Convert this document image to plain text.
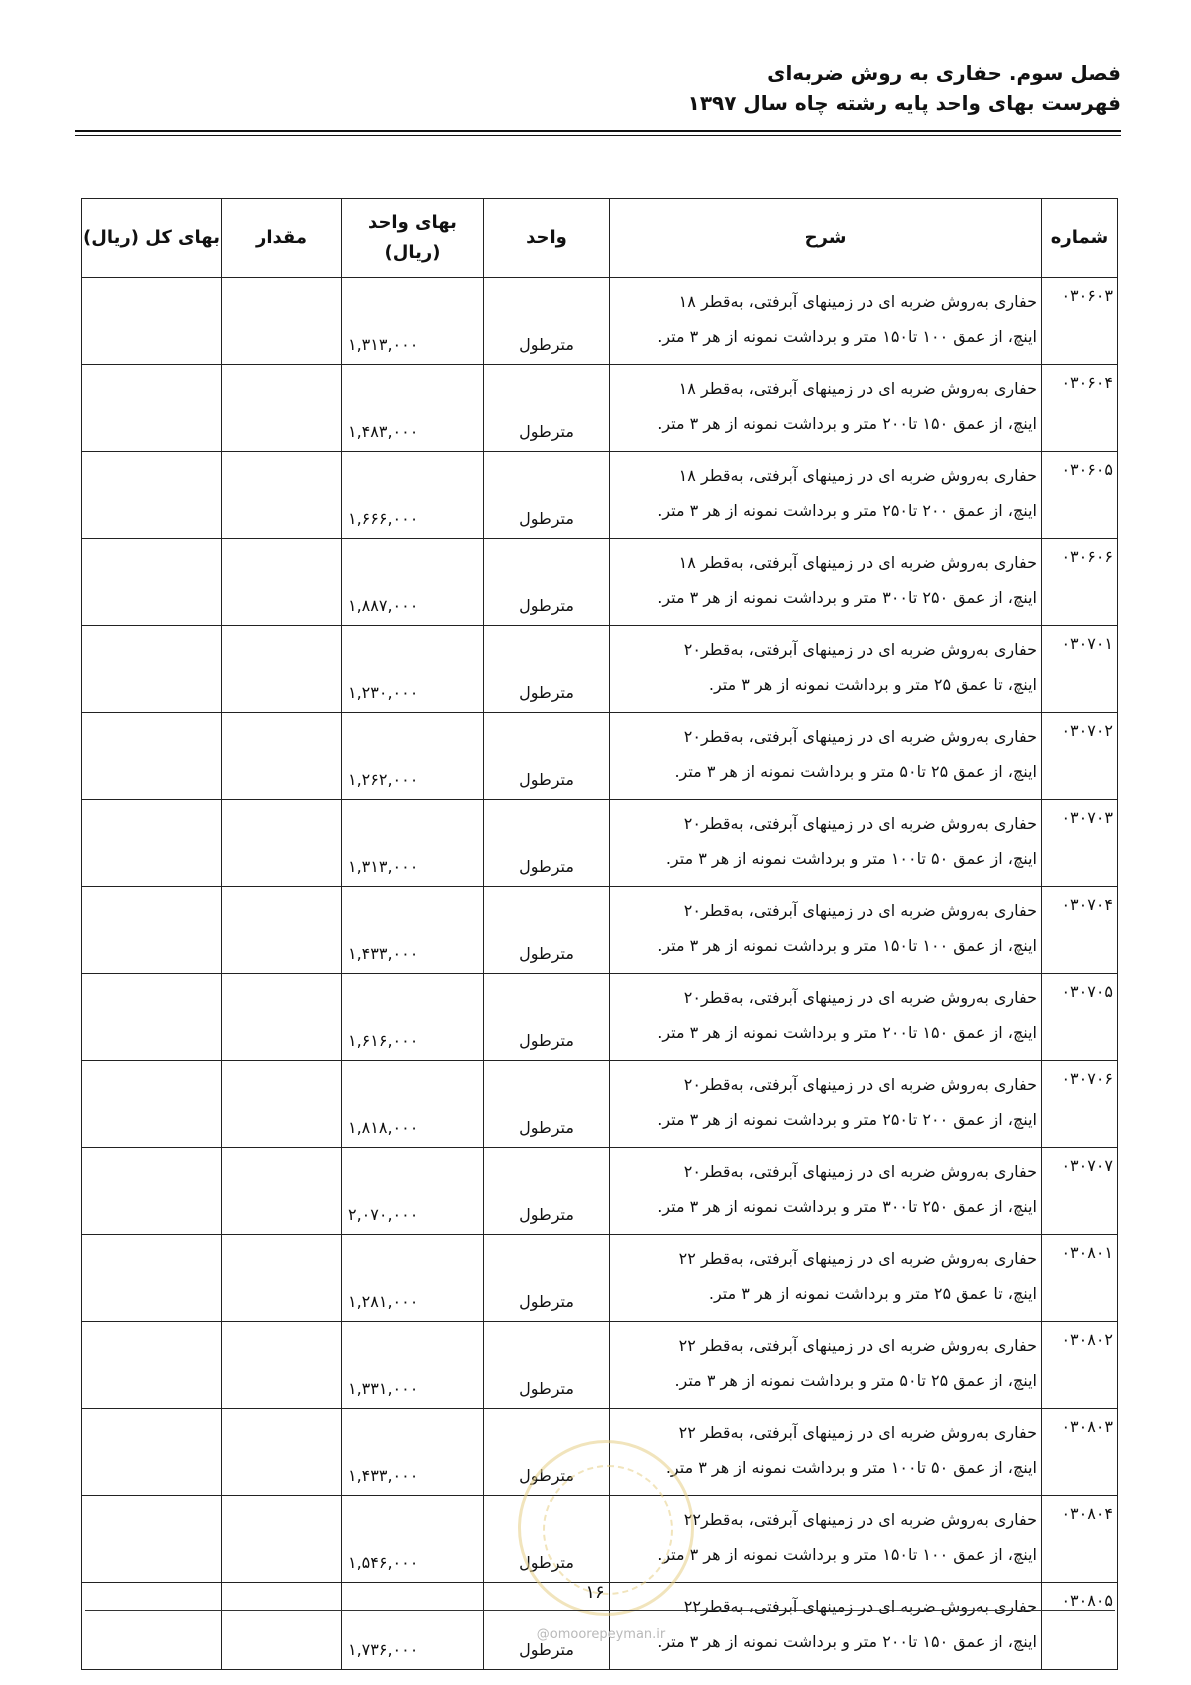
فصل سوم. حفاری به روش ضربه‌ای
فهرست بهای واحد پایه رشته چاه سال ۱۳۹۷
شماره	شرح	واحد	بهای واحد
(ریال)	مقدار	بهای کل (ریال)
۰۳۰۶۰۳	حفاری به‌روش ضربه ای در زمینهای آبرفتی، به‌قطر ۱۸
اینچ، از عمق ۱۰۰ تا۱۵۰ متر و برداشت نمونه از هر ۳ متر.	مترطول	۱,۳۱۳,۰۰۰		
۰۳۰۶۰۴	حفاری به‌روش ضربه ای در زمینهای آبرفتی، به‌قطر ۱۸
اینچ، از عمق ۱۵۰ تا۲۰۰ متر و برداشت نمونه از هر ۳ متر.	مترطول	۱,۴۸۳,۰۰۰		
۰۳۰۶۰۵	حفاری به‌روش ضربه ای در زمینهای آبرفتی، به‌قطر ۱۸
اینچ، از عمق ۲۰۰ تا۲۵۰ متر و برداشت نمونه از هر ۳ متر.	مترطول	۱,۶۶۶,۰۰۰		
۰۳۰۶۰۶	حفاری به‌روش ضربه ای در زمینهای آبرفتی، به‌قطر ۱۸
اینچ، از عمق ۲۵۰ تا۳۰۰ متر و برداشت نمونه از هر ۳ متر.	مترطول	۱,۸۸۷,۰۰۰		
۰۳۰۷۰۱	حفاری به‌روش ضربه ای در زمینهای آبرفتی، به‌قطر۲۰
اینچ، تا عمق ۲۵ متر و برداشت نمونه از هر ۳ متر.	مترطول	۱,۲۳۰,۰۰۰		
۰۳۰۷۰۲	حفاری به‌روش ضربه ای در زمینهای آبرفتی، به‌قطر۲۰
اینچ، از عمق ۲۵ تا۵۰ متر و برداشت نمونه از هر ۳ متر.	مترطول	۱,۲۶۲,۰۰۰		
۰۳۰۷۰۳	حفاری به‌روش ضربه ای در زمینهای آبرفتی، به‌قطر۲۰
اینچ، از عمق ۵۰ تا۱۰۰ متر و برداشت نمونه از هر ۳ متر.	مترطول	۱,۳۱۳,۰۰۰		
۰۳۰۷۰۴	حفاری به‌روش ضربه ای در زمینهای آبرفتی، به‌قطر۲۰
اینچ، از عمق ۱۰۰ تا۱۵۰ متر و برداشت نمونه از هر ۳ متر.	مترطول	۱,۴۳۳,۰۰۰		
۰۳۰۷۰۵	حفاری به‌روش ضربه ای در زمینهای آبرفتی، به‌قطر۲۰
اینچ، از عمق ۱۵۰ تا۲۰۰ متر و برداشت نمونه از هر ۳ متر.	مترطول	۱,۶۱۶,۰۰۰		
۰۳۰۷۰۶	حفاری به‌روش ضربه ای در زمینهای آبرفتی، به‌قطر۲۰
اینچ، از عمق ۲۰۰ تا۲۵۰ متر و برداشت نمونه از هر ۳ متر.	مترطول	۱,۸۱۸,۰۰۰		
۰۳۰۷۰۷	حفاری به‌روش ضربه ای در زمینهای آبرفتی، به‌قطر۲۰
اینچ، از عمق ۲۵۰ تا۳۰۰ متر و برداشت نمونه از هر ۳ متر.	مترطول	۲,۰۷۰,۰۰۰		
۰۳۰۸۰۱	حفاری به‌روش ضربه ای در زمینهای آبرفتی، به‌قطر ۲۲
اینچ، تا عمق ۲۵ متر و برداشت نمونه از هر ۳ متر.	مترطول	۱,۲۸۱,۰۰۰		
۰۳۰۸۰۲	حفاری به‌روش ضربه ای در زمینهای آبرفتی، به‌قطر ۲۲
اینچ، از عمق ۲۵ تا۵۰ متر و برداشت نمونه از هر ۳ متر.	مترطول	۱,۳۳۱,۰۰۰		
۰۳۰۸۰۳	حفاری به‌روش ضربه ای در زمینهای آبرفتی، به‌قطر ۲۲
اینچ، از عمق ۵۰ تا۱۰۰ متر و برداشت نمونه از هر ۳ متر.	مترطول	۱,۴۳۳,۰۰۰		
۰۳۰۸۰۴	حفاری به‌روش ضربه ای در زمینهای آبرفتی، به‌قطر۲۲
اینچ، از عمق ۱۰۰ تا۱۵۰ متر و برداشت نمونه از هر ۳ متر.	مترطول	۱,۵۴۶,۰۰۰		
۰۳۰۸۰۵	حفاری به‌روش ضربه ای در زمینهای آبرفتی، به‌قطر۲۲
اینچ، از عمق ۱۵۰ تا۲۰۰ متر و برداشت نمونه از هر ۳ متر.	مترطول	۱,۷۳۶,۰۰۰		
۱۶
@omoorepeyman.ir
